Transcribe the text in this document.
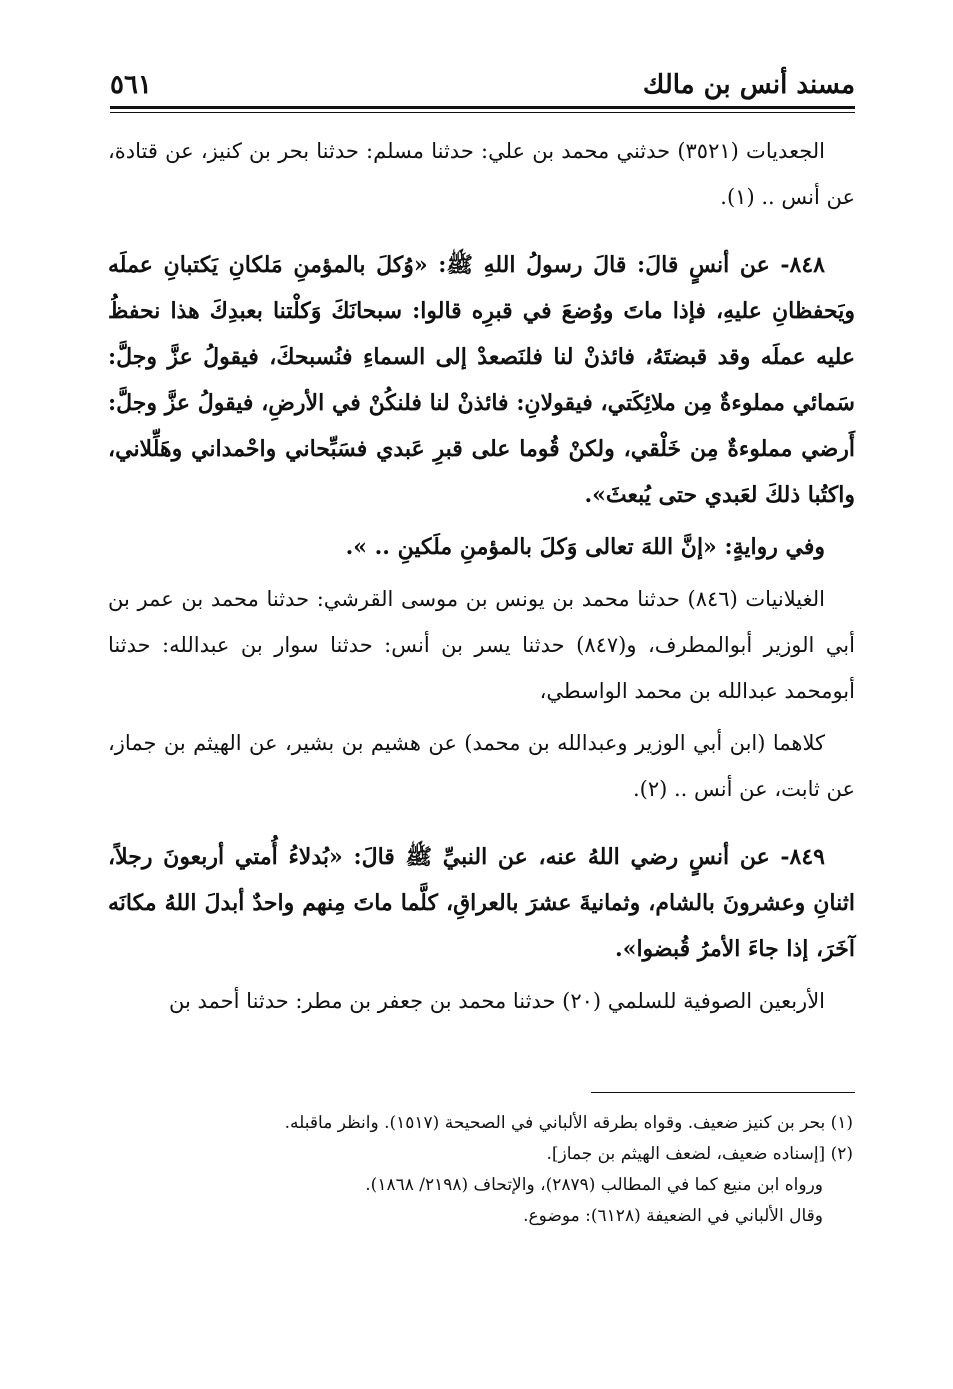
مسند أنس بن مالك
٥٦١

الجعديات (٣٥٢١) حدثني محمد بن علي: حدثنا مسلم: حدثنا بحر بن كنيز، عن قتادة، عن أنس .. (١).

٨٤٨- عن أنسٍ قالَ: قالَ رسولُ اللهِ ﷺ: «وُكلَ بالمؤمنِ مَلكانِ يَكتبانِ عملَه ويَحفظانِ عليهِ، فإذا ماتَ ووُضعَ في قبرِه قالوا: سبحانَكَ وَكلْتنا بعبدِكَ هذا نحفظُ عليه عملَه وقد قبضتَهُ، فائذنْ لنا فلنَصعدْ إلى السماءِ فنُسبحكَ، فيقولُ عزَّ وجلَّ: سَمائي مملوءةٌ مِن ملائِكَتي، فيقولانِ: فائذنْ لنا فلنكُنْ في الأرضِ، فيقولُ عزَّ وجلَّ: أَرضي مملوءةٌ مِن خَلْقي، ولكنْ قُوما على قبرِ عَبدي فسَبِّحاني واحْمداني وهَلِّلاني، واكتُبا ذلكَ لعَبدي حتى يُبعثَ».

وفي روايةٍ: «إنَّ اللهَ تعالى وَكلَ بالمؤمنِ ملَكينِ .. ».

الغيلانيات (٨٤٦) حدثنا محمد بن يونس بن موسى القرشي: حدثنا محمد بن عمر بن أبي الوزير أبوالمطرف، و(٨٤٧) حدثنا يسر بن أنس: حدثنا سوار بن عبدالله: حدثنا أبومحمد عبدالله بن محمد الواسطي،

كلاهما (ابن أبي الوزير وعبدالله بن محمد) عن هشيم بن بشير، عن الهيثم بن جماز، عن ثابت، عن أنس .. (٢).

٨٤٩- عن أنسٍ رضي اللهُ عنه، عن النبيِّ ﷺ قالَ: «بُدلاءُ أُمتي أربعونَ رجلاً، اثنانِ وعشرونَ بالشام، وثمانيةَ عشرَ بالعراقِ، كلَّما ماتَ مِنهم واحدٌ أبدلَ اللهُ مكانَه آخَرَ، إذا جاءَ الأمرُ قُبضوا».

الأربعين الصوفية للسلمي (٢٠) حدثنا محمد بن جعفر بن مطر: حدثنا أحمد بن

(١) بحر بن كنيز ضعيف. وقواه بطرقه الألباني في الصحيحة (١٥١٧). وانظر ماقبله.

(٢) [إسناده ضعيف، لضعف الهيثم بن جماز].

ورواه ابن منيع كما في المطالب (٢٨٧٩)، والإتحاف (٢١٩٨/ ١٨٦٨).

وقال الألباني في الضعيفة (٦١٢٨): موضوع.
